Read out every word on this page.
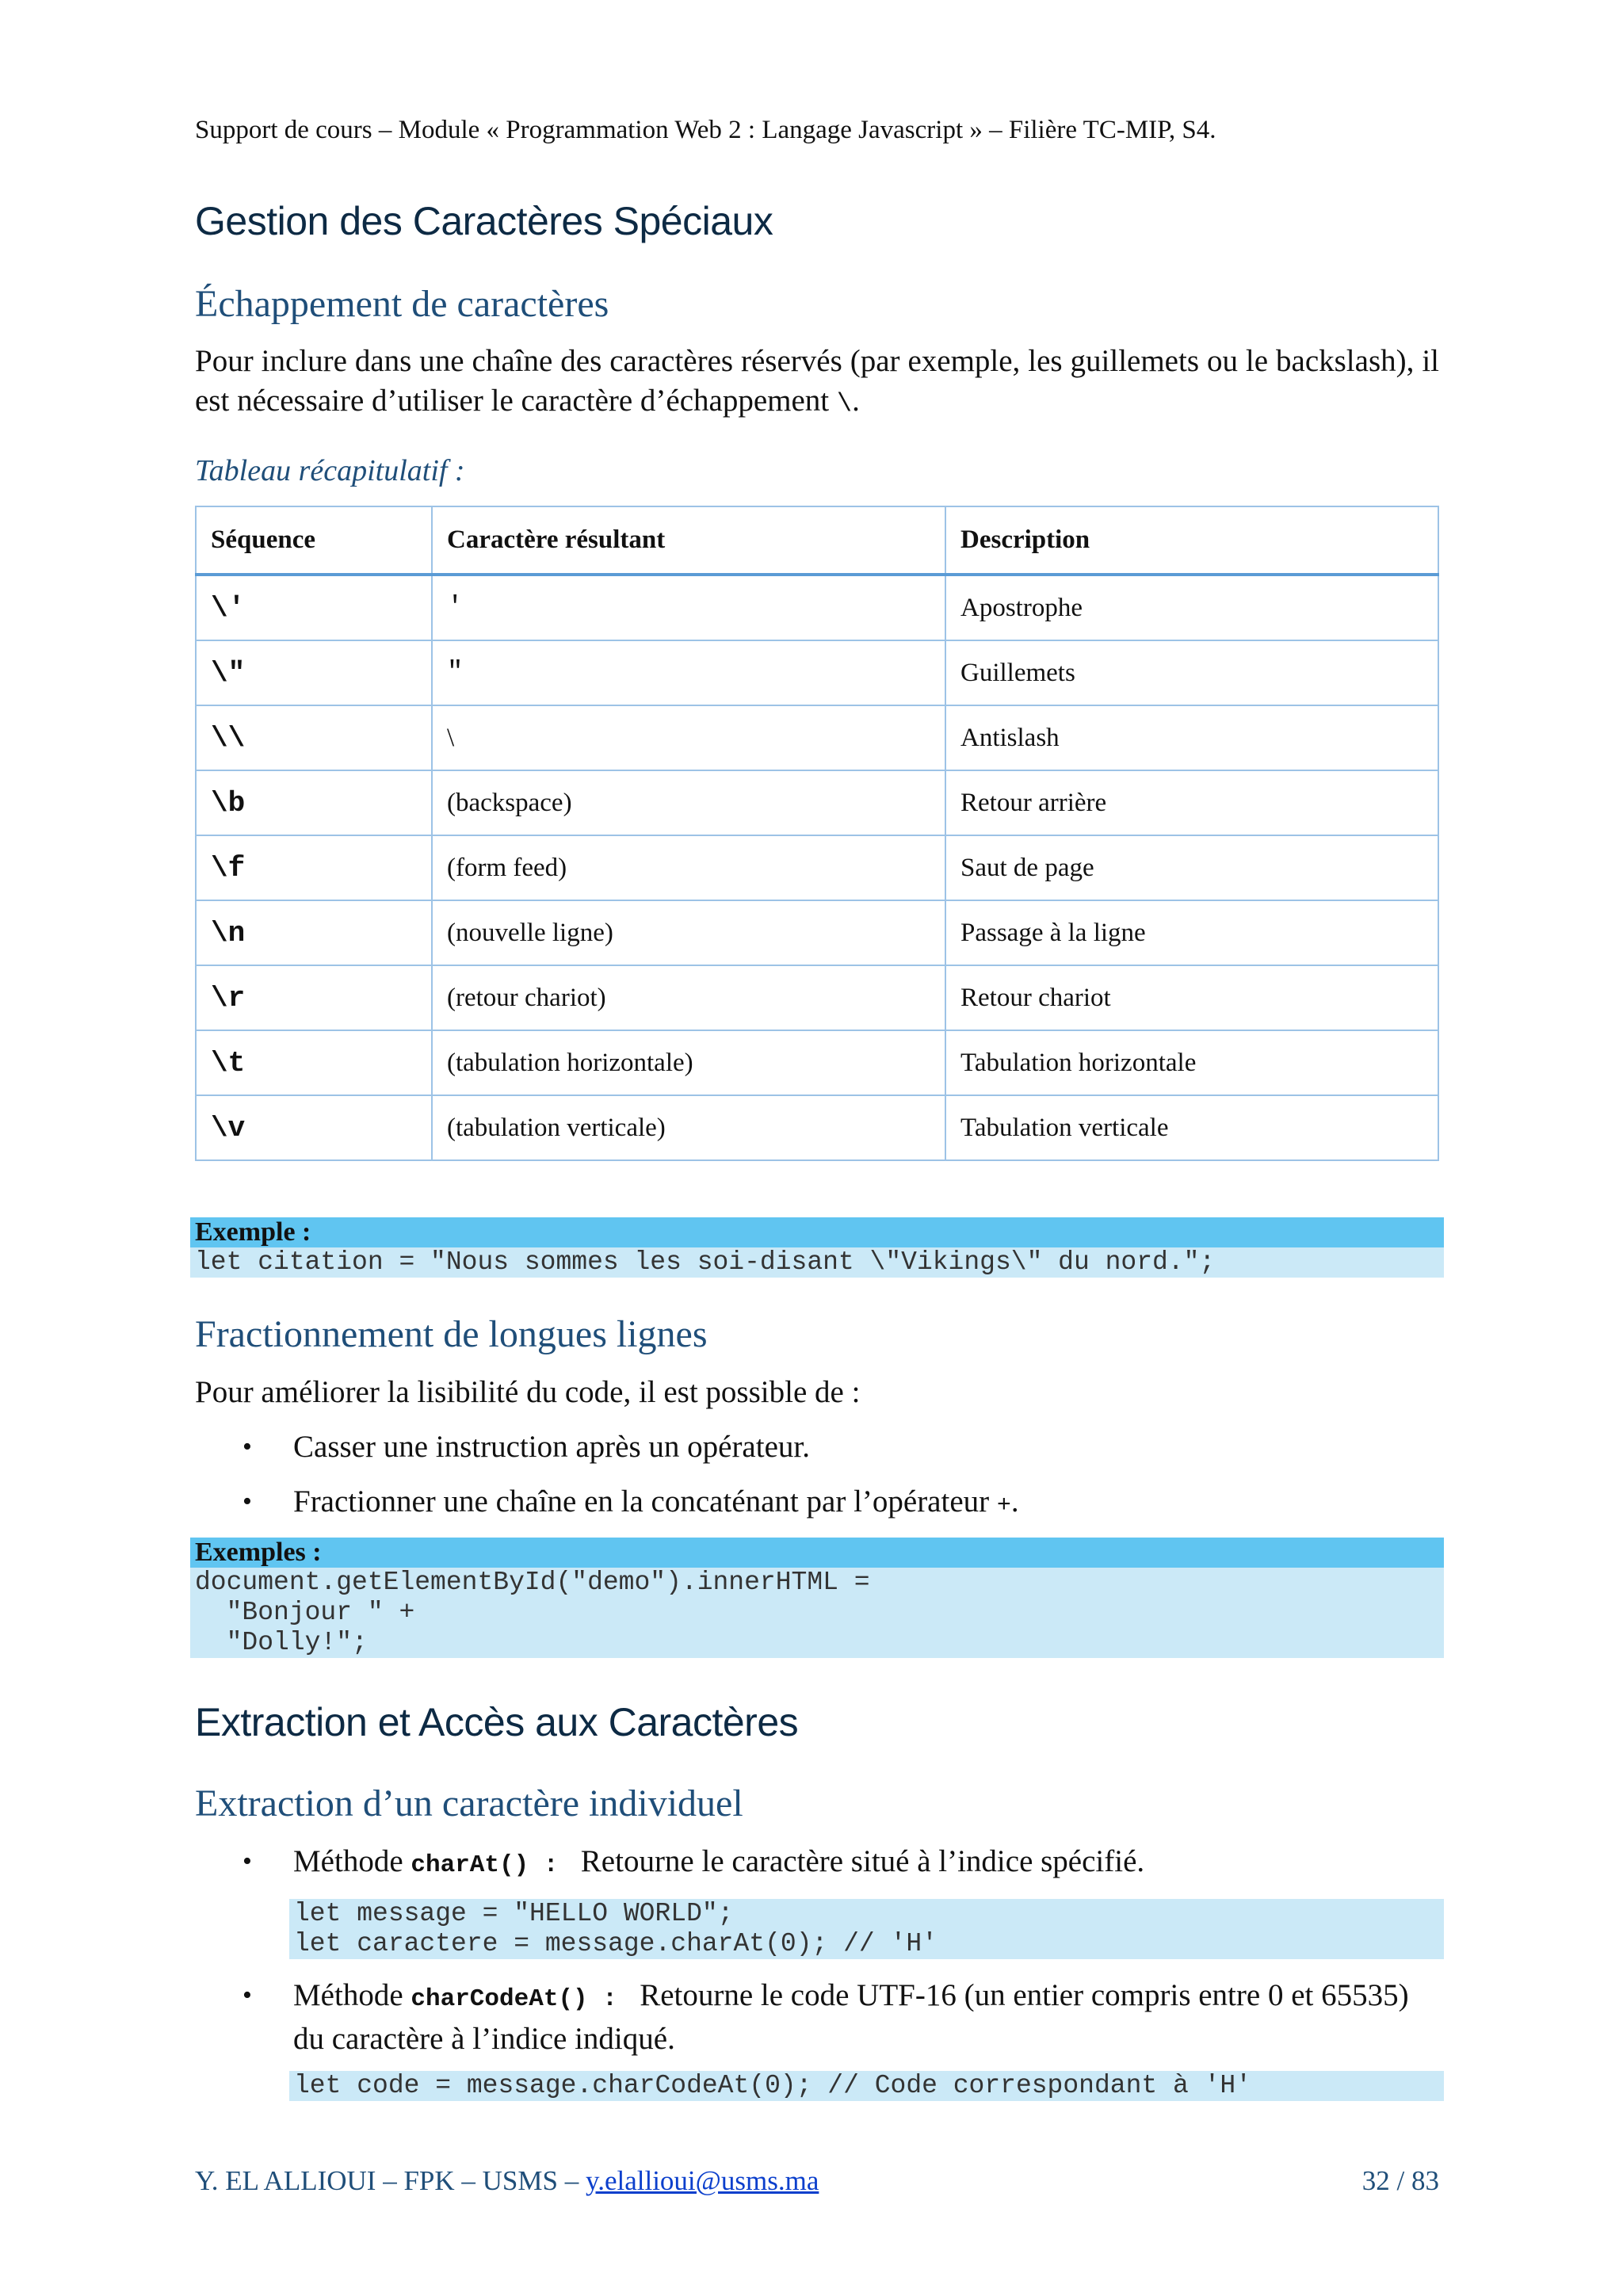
Support de cours – Module « Programmation Web 2 : Langage Javascript » – Filière TC-MIP, S4.
Gestion des Caractères Spéciaux
Échappement de caractères
Pour inclure dans une chaîne des caractères réservés (par exemple, les guillemets ou le backslash), il est nécessaire d’utiliser le caractère d’échappement \.
Tableau récapitulatif :
Séquence	Caractère résultant	Description
\'	'	Apostrophe
\"	"	Guillemets
\\	\	Antislash
\b	(backspace)	Retour arrière
\f	(form feed)	Saut de page
\n	(nouvelle ligne)	Passage à la ligne
\r	(retour chariot)	Retour chariot
\t	(tabulation horizontale)	Tabulation horizontale
\v	(tabulation verticale)	Tabulation verticale
Exemple :
let citation = "Nous sommes les soi-disant \"Vikings\" du nord.";
Fractionnement de longues lignes
Pour améliorer la lisibilité du code, il est possible de :
• Casser une instruction après un opérateur.
• Fractionner une chaîne en la concaténant par l’opérateur +.
Exemples :
document.getElementById("demo").innerHTML =
"Bonjour " +
"Dolly!";
Extraction et Accès aux Caractères
Extraction d’un caractère individuel
• Méthode charAt() :  Retourne le caractère situé à l’indice spécifié.
let message = "HELLO WORLD";
let caractere = message.charAt(0); // 'H'
• Méthode charCodeAt() :  Retourne le code UTF-16 (un entier compris entre 0 et 65535) du caractère à l’indice indiqué.
let code = message.charCodeAt(0); // Code correspondant à 'H'
Y. EL ALLIOUI – FPK – USMS – y.elallioui@usms.ma	32 / 83
